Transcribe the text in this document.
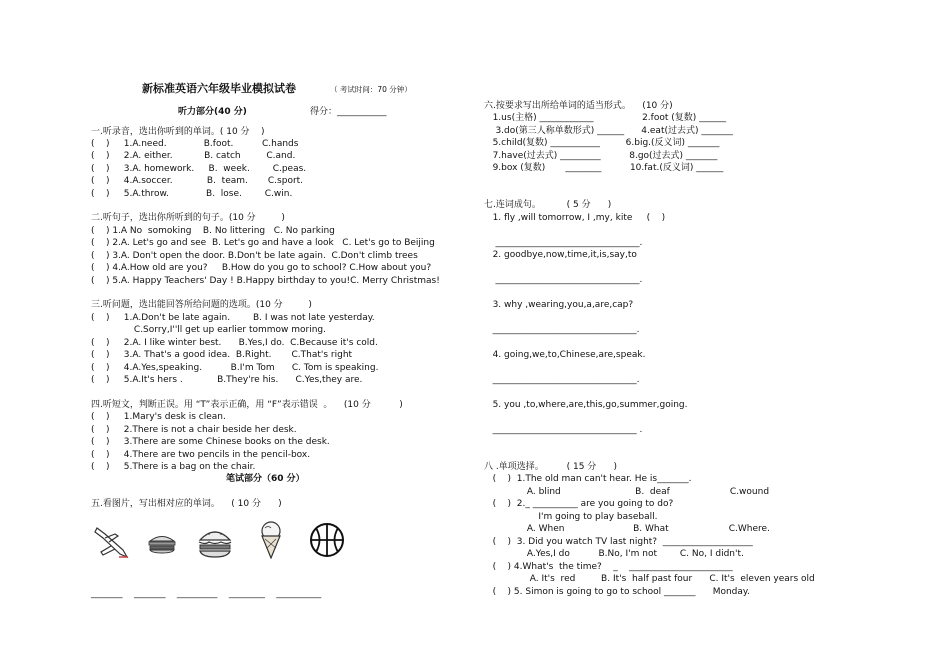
新标准英语六年级毕业模拟试卷	（ 考试时间：70 分钟）
听力部分(40 分)	得分：___________
一.听录音，选出你听到的单词。( 10 分    )
(    )     1.A.need.             B.foot.          C.hands
(    )     2.A. either.           B. catch         C.and.
(    )     3.A. homework.     B.  week.        C.peas.
(    )     4.A.soccer.            B.  team.       C.sport.
(    )     5.A.throw.             B.  lose.        C.win.
二.听句子，选出你所听到的句子。(10 分         )
(    ) 1.A No  somoking    B. No littering   C. No parking
(    ) 2.A. Let's go and see  B. Let's go and have a look   C. Let's go to Beijing
(    ) 3.A. Don't open the door. B.Don't be late again.  C.Don't climb trees
(    ) 4.A.How old are you?     B.How do you go to school? C.How about you?
(    ) 5.A. Happy Teachers' Day ! B.Happy birthday to you!C. Merry Christmas!
三.听问题，选出能回答所给问题的选项。(10 分         )
(    )     1.A.Don't be late again.        B. I was not late yesterday.
C.Sorry,I''ll get up earlier tommow moring.
(    )     2.A. I like winter best.      B.Yes,I do.  C.Because it's cold.
(    )     3.A. That's a good idea.  B.Right.       C.That's right
(    )     4.A.Yes,speaking.          B.I'm Tom      C. Tom is speaking.
(    )     5.A.It's hers .            B.They're his.      C.Yes,they are.
四.听短文，判断正误。用 “T”表示正确，用 “F”表示错误  。    (10 分          )
(    )     1.Mary's desk is clean.
(    )     2.There is not a chair beside her desk.
(    )     3.There are some Chinese books on the desk.
(    )     4.There are two pencils in the pencil-box.
(    )     5.There is a bag on the chair.
笔试部分（60 分）
五.看图片，写出相对应的单词。    ( 10 分      )
_______    _______    _________    ________    __________
六.按要求写出所给单词的适当形式。    (10 分)
1.us(主格) ____________                 2.foot (复数) ______
3.do(第三人称单数形式) ______      4.eat(过去式) _______
5.child(复数) ___________         6.big.(反义词) _______
7.have(过去式) _________          8.go(过去式) _______
9.box (复数)       ________          10.fat.(反义词) ______
七.连词成句。         ( 5 分      )
1. fly ,will tomorrow, I ,my, kite     (    )
________________________________.
2. goodbye,now,time,it,is,say,to
________________________________.
3. why ,wearing,you,a,are,cap?
________________________________.
4. going,we,to,Chinese,are,speak.
________________________________.
5. you ,to,where,are,this,go,summer,going.
________________________________ .
八 .单项选择。        ( 15 分      )
(    )  1.The old man can't hear. He is_______.
A. blind                          B.  deaf                     C.wound
(    )  2._ __________ are you going to do?
I'm going to play baseball.
A. When                        B. What                     C.Where.
(    )  3. Did you watch TV last night?  ____________________
A.Yes,I do          B.No, I'm not        C. No, I didn't.
(    ) 4.What's  the time?    _    _______________________
A. It's  red         B. It's  half past four      C. It's  eleven years old
(    ) 5. Simon is going to go to school _______      Monday.
